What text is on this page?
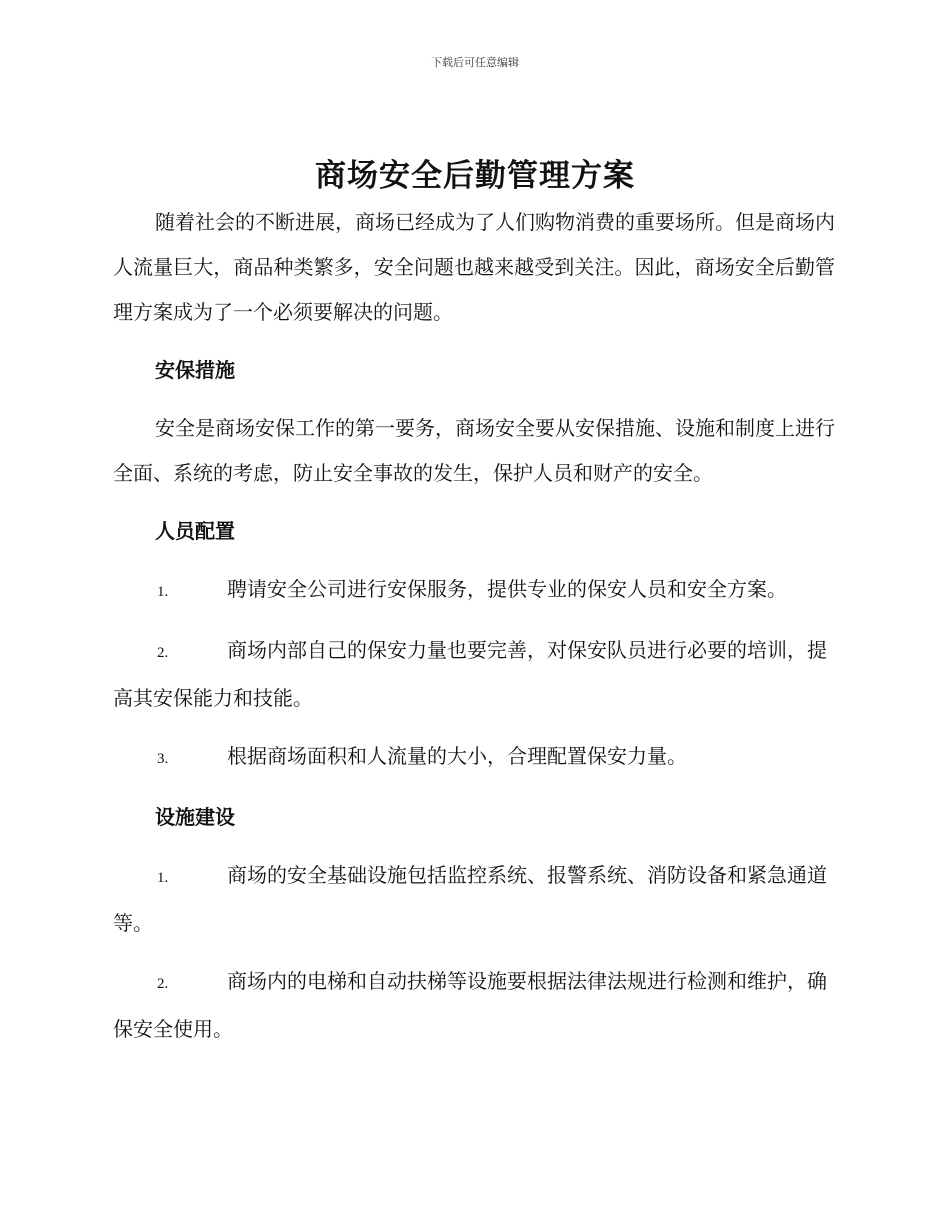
下载后可任意编辑
商场安全后勤管理方案

随着社会的不断进展，商场已经成为了人们购物消费的重要场所。但是商场内人流量巨大，商品种类繁多，安全问题也越来越受到关注。因此，商场安全后勤管理方案成为了一个必须要解决的问题。

安保措施

安全是商场安保工作的第一要务，商场安全要从安保措施、设施和制度上进行全面、系统的考虑，防止安全事故的发生，保护人员和财产的安全。

人员配置

1.	聘请安全公司进行安保服务，提供专业的保安人员和安全方案。

2.	商场内部自己的保安力量也要完善，对保安队员进行必要的培训，提高其安保能力和技能。

3.	根据商场面积和人流量的大小，合理配置保安力量。

设施建设

1.	商场的安全基础设施包括监控系统、报警系统、消防设备和紧急通道等。

2.	商场内的电梯和自动扶梯等设施要根据法律法规进行检测和维护，确保安全使用。
